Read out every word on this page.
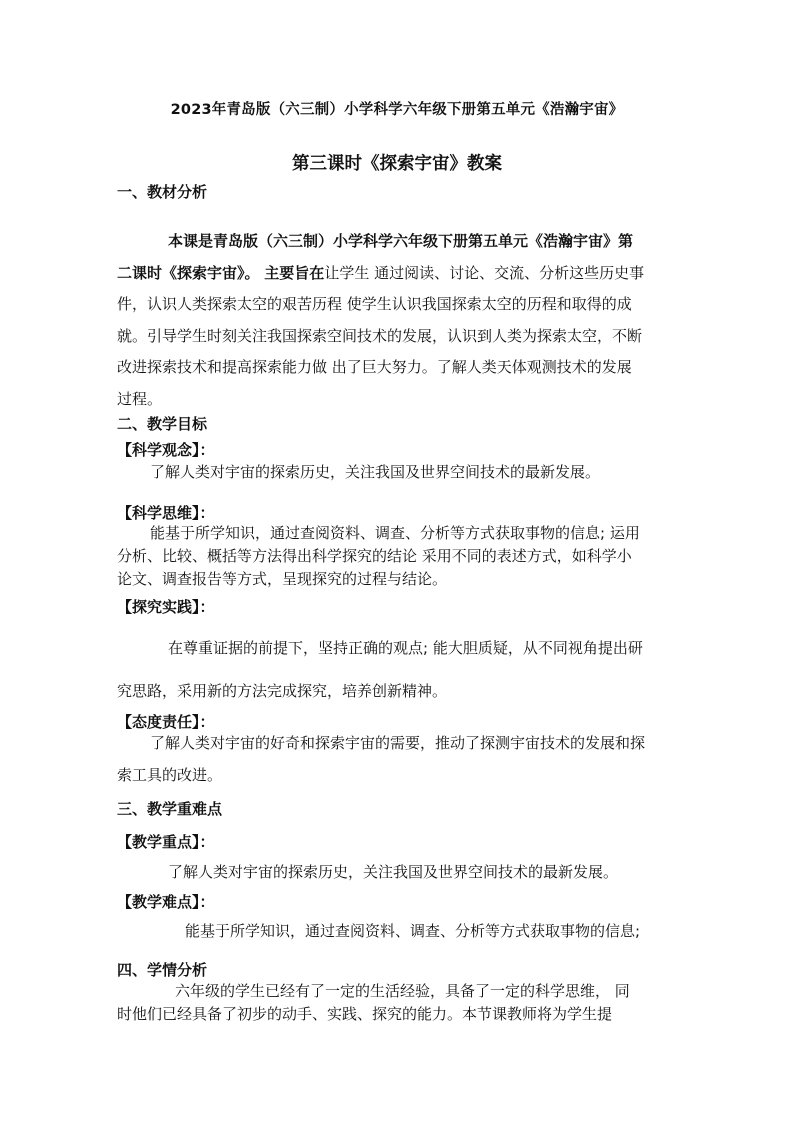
2023年青岛版（六三制）小学科学六年级下册第五单元《浩瀚宇宙》
第三课时《探索宇宙》教案
一、教材分析
本课是青岛版（六三制）小学科学六年级下册第五单元《浩瀚宇宙》第
二课时《探索宇宙》。 主要旨在让学生 通过阅读、讨论、交流、分析这些历史事
件，认识人类探索太空的艰苦历程 使学生认识我国探索太空的历程和取得的成
就。引导学生时刻关注我国探索空间技术的发展，认识到人类为探索太空，不断
改进探索技术和提高探索能力做 出了巨大努力。了解人类天体观测技术的发展
过程。
二、教学目标
【科学观念】：
了解人类对宇宙的探索历史，关注我国及世界空间技术的最新发展。
【科学思维】：
能基于所学知识，通过查阅资料、调查、分析等方式获取事物的信息; 运用
分析、比较、概括等方法得出科学探究的结论 采用不同的表述方式，如科学小
论文、调查报告等方式，呈现探究的过程与结论。
【探究实践】：
在尊重证据的前提下，坚持正确的观点; 能大胆质疑，从不同视角提出研
究思路，采用新的方法完成探究，培养创新精神。
【态度责任】：
了解人类对宇宙的好奇和探索宇宙的需要，推动了探测宇宙技术的发展和探
索工具的改进。
三、教学重难点
【教学重点】：
了解人类对宇宙的探索历史，关注我国及世界空间技术的最新发展。
【教学难点】：
能基于所学知识，通过查阅资料、调查、分析等方式获取事物的信息;
四、学情分析
六年级的学生已经有了一定的生活经验，具备了一定的科学思维， 同
时他们已经具备了初步的动手、实践、探究的能力。本节课教师将为学生提
